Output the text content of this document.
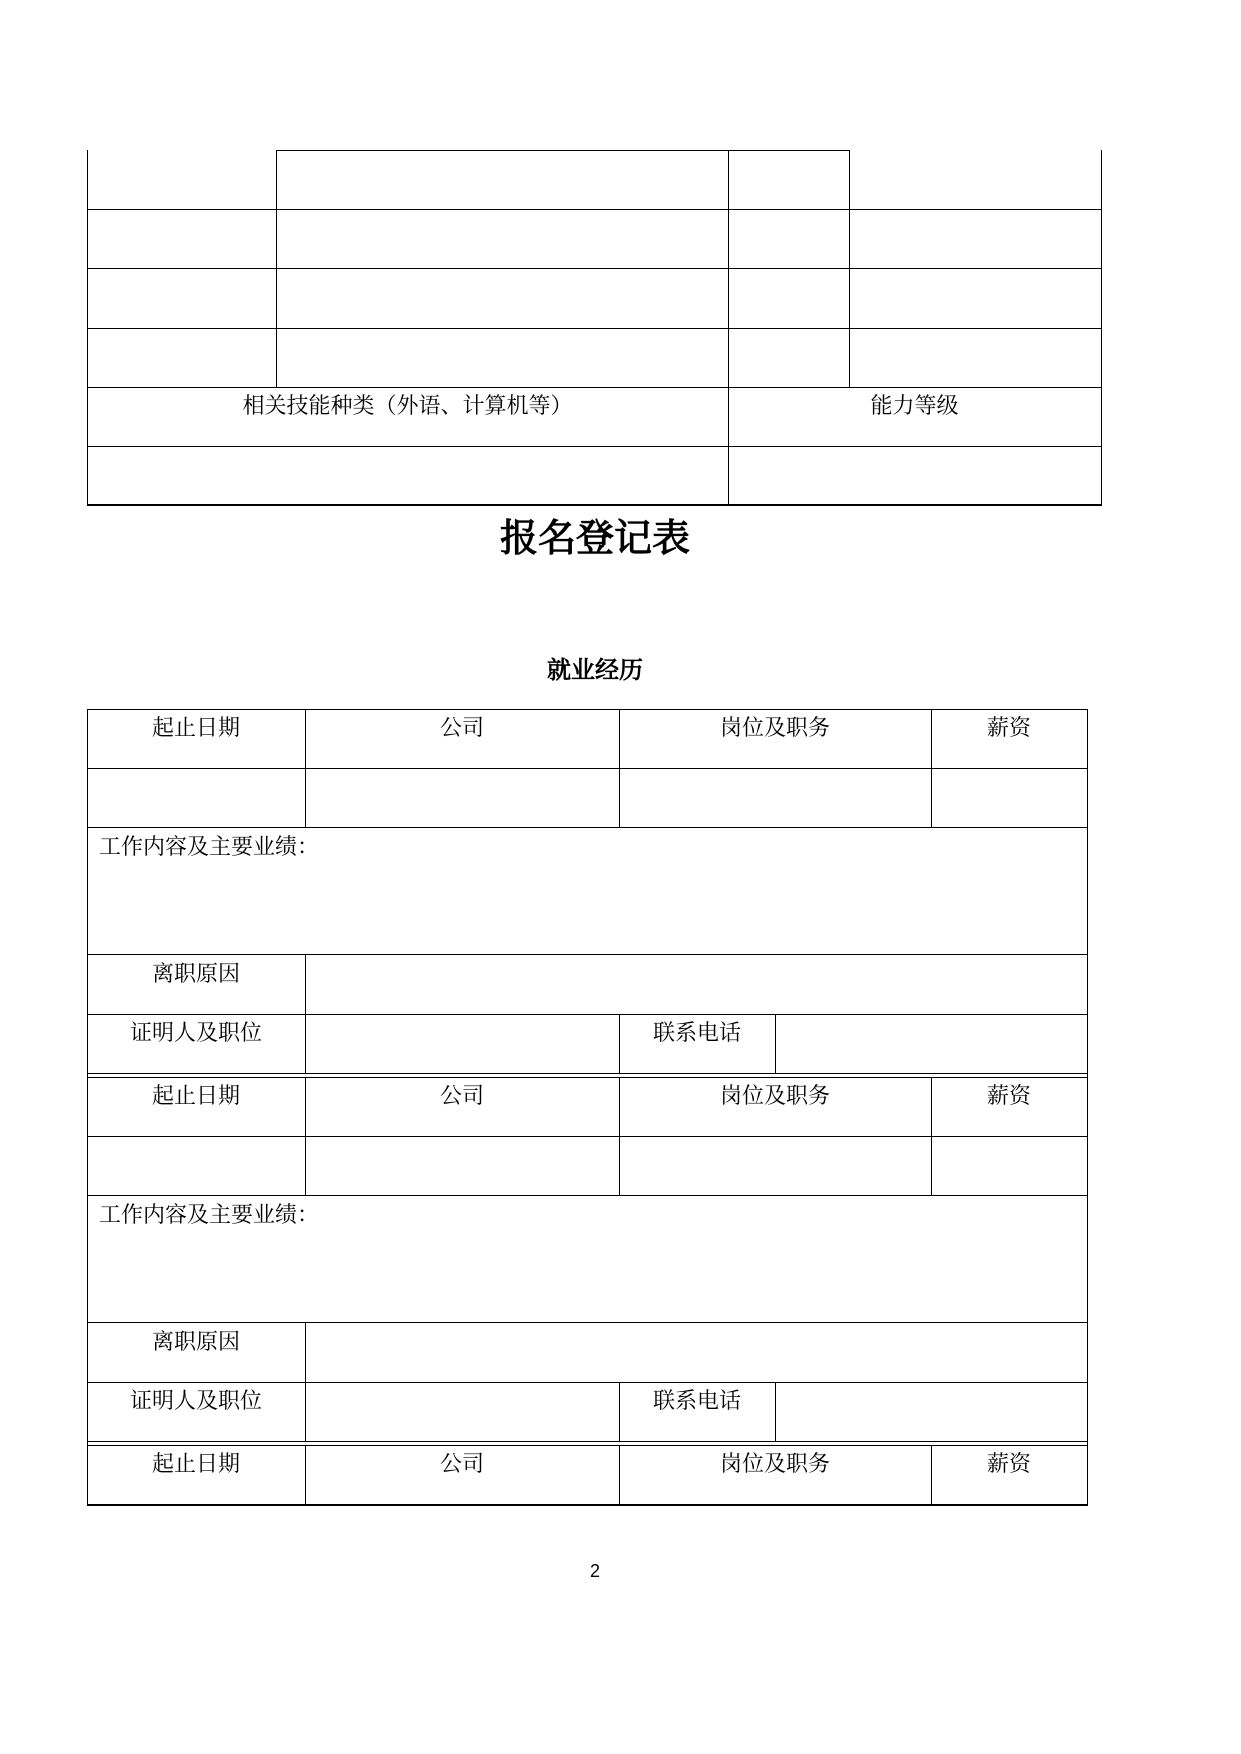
相关技能种类（外语、计算机等）	能力等级
报名登记表
就业经历
起止日期	公司	岗位及职务	薪资
工作内容及主要业绩：
离职原因
证明人及职位	联系电话
起止日期	公司	岗位及职务	薪资
工作内容及主要业绩：
离职原因
证明人及职位	联系电话
起止日期	公司	岗位及职务	薪资
2
